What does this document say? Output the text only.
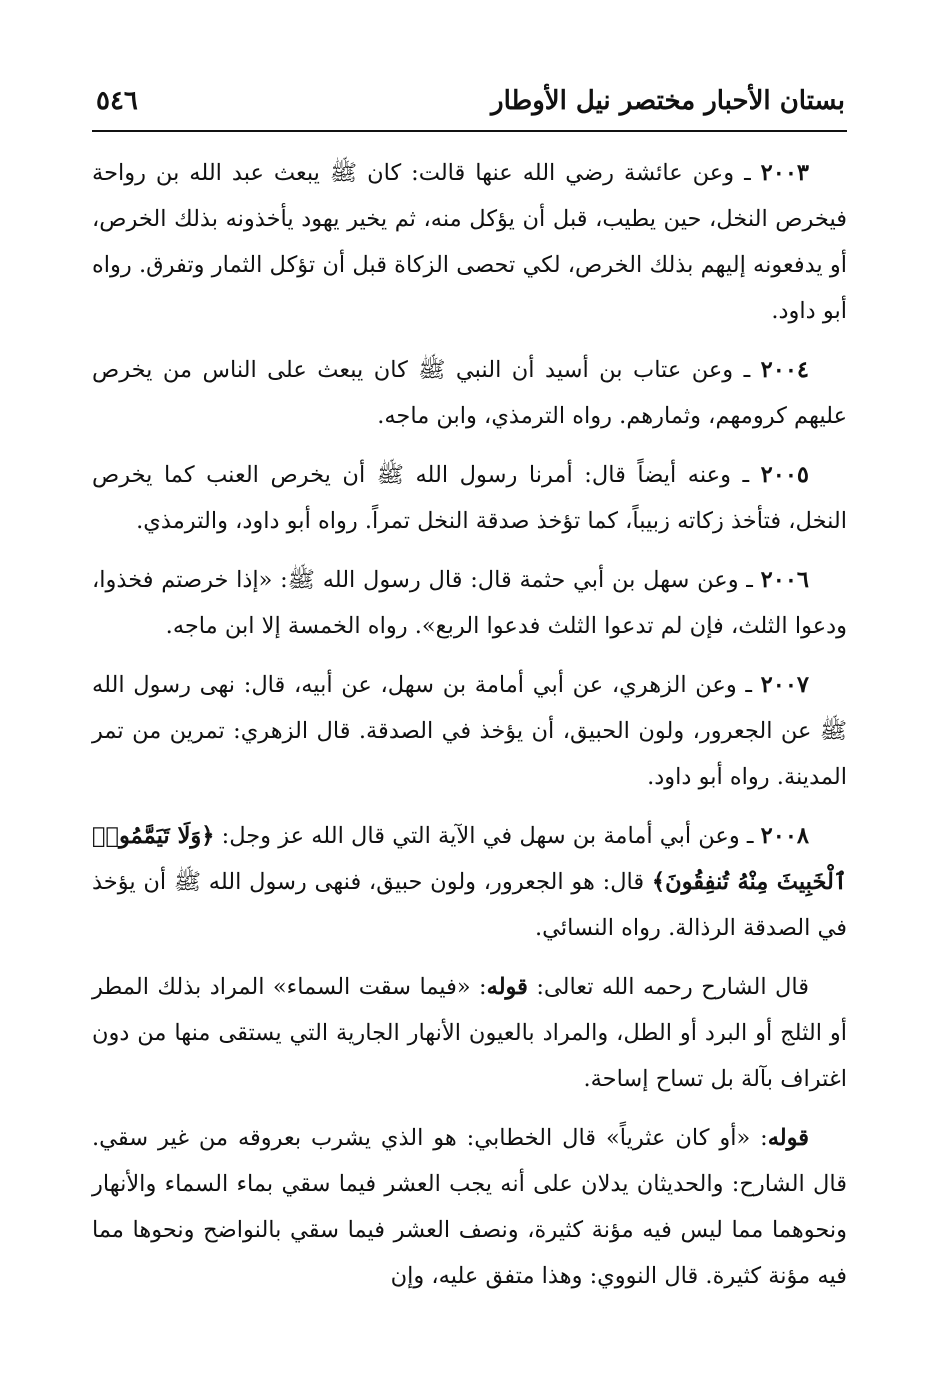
بستان الأحبار مختصر نيل الأوطار
٥٤٦

٢٠٠٣ ـ وعن عائشة رضي الله عنها قالت: كان ﷺ يبعث عبد الله بن رواحة فيخرص النخل، حين يطيب، قبل أن يؤكل منه، ثم يخير يهود يأخذونه بذلك الخرص، أو يدفعونه إليهم بذلك الخرص، لكي تحصى الزكاة قبل أن تؤكل الثمار وتفرق. رواه أبو داود.

٢٠٠٤ ـ وعن عتاب بن أسيد أن النبي ﷺ كان يبعث على الناس من يخرص عليهم كرومهم، وثمارهم. رواه الترمذي، وابن ماجه.

٢٠٠٥ ـ وعنه أيضاً قال: أمرنا رسول الله ﷺ أن يخرص العنب كما يخرص النخل، فتأخذ زكاته زبيباً، كما تؤخذ صدقة النخل تمراً. رواه أبو داود، والترمذي.

٢٠٠٦ ـ وعن سهل بن أبي حثمة قال: قال رسول الله ﷺ: «إذا خرصتم فخذوا، ودعوا الثلث، فإن لم تدعوا الثلث فدعوا الربع». رواه الخمسة إلا ابن ماجه.

٢٠٠٧ ـ وعن الزهري، عن أبي أمامة بن سهل، عن أبيه، قال: نهى رسول الله ﷺ عن الجعرور، ولون الحبيق، أن يؤخذ في الصدقة. قال الزهري: تمرين من تمر المدينة. رواه أبو داود.

٢٠٠٨ ـ وعن أبي أمامة بن سهل في الآية التي قال الله عز وجل: ﴿وَلَا تَيَمَّمُوا۟ ٱلْخَبِيثَ مِنْهُ تُنفِقُونَ﴾ قال: هو الجعرور، ولون حبيق، فنهى رسول الله ﷺ أن يؤخذ في الصدقة الرذالة. رواه النسائي.

قال الشارح رحمه الله تعالى: قوله: «فيما سقت السماء» المراد بذلك المطر أو الثلج أو البرد أو الطل، والمراد بالعيون الأنهار الجارية التي يستقى منها من دون اغتراف بآلة بل تساح إساحة.

قوله: «أو كان عثرياً» قال الخطابي: هو الذي يشرب بعروقه من غير سقي. قال الشارح: والحديثان يدلان على أنه يجب العشر فيما سقي بماء السماء والأنهار ونحوهما مما ليس فيه مؤنة كثيرة، ونصف العشر فيما سقي بالنواضح ونحوها مما فيه مؤنة كثيرة. قال النووي: وهذا متفق عليه، وإن
